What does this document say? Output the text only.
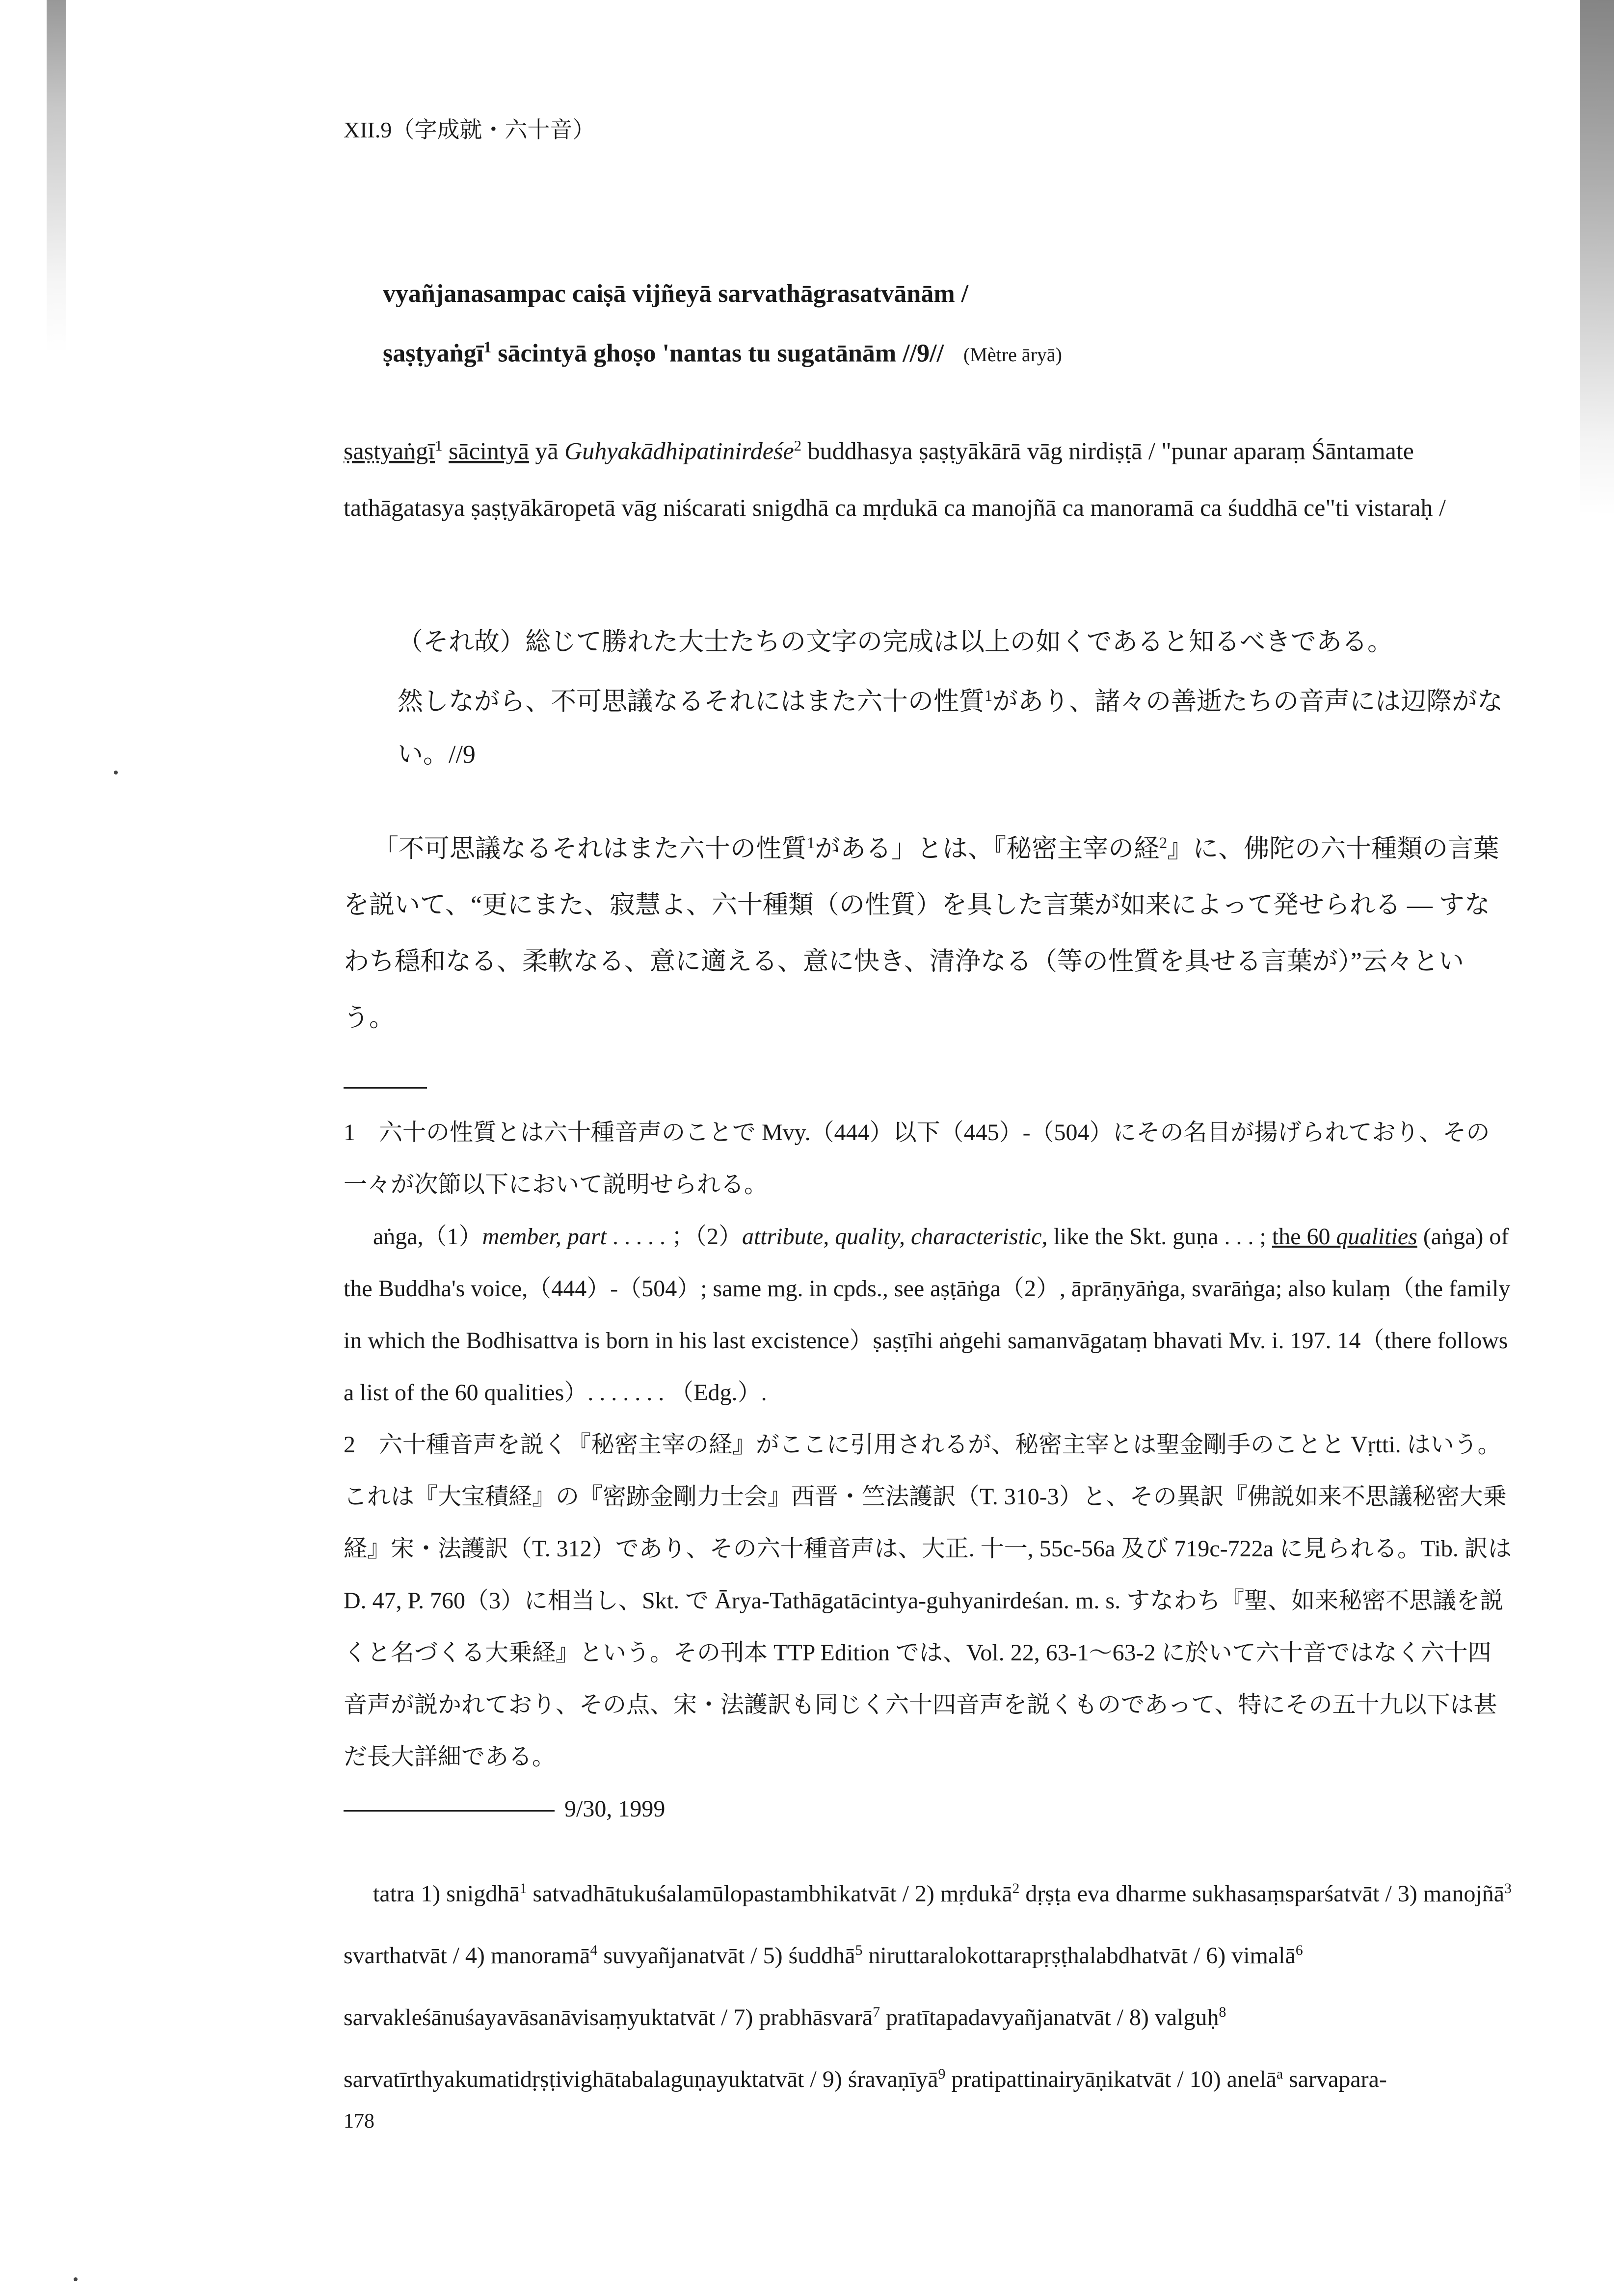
XII.9（字成就・六十音）
vyañjanasampac caiṣā vijñeyā sarvathāgrasatvānām /
ṣaṣṭyaṅgī$^1$ sācintyā ghoṣo 'nantas tu sugatānām //9// (Mètre āryā)
ṣaṣṭyaṅgī$^1$ sācintyā yā Guhyakādhipatinirdeśe$^2$ buddhasya ṣaṣṭyākārā vāg nirdiṣṭā / "punar aparaṃ Śāntamate tathāgatasya ṣaṣṭyākāropetā vāg niścarati snigdhā ca mṛdukā ca manojñā ca manoramā ca śuddhā ce"ti vistaraḥ /
（それ故）総じて勝れた大士たちの文字の完成は以上の如くであると知るべきである。
然しながら、不可思議なるそれにはまた六十の性質$^1$があり、諸々の善逝たちの音声には辺際がない。//9
「不可思議なるそれはまた六十の性質$^1$がある」とは、『秘密主宰の経$^2$』に、佛陀の六十種類の言葉を説いて、“更にまた、寂慧よ、六十種類（の性質）を具した言葉が如来によって発せられる ― すなわち穏和なる、柔軟なる、意に適える、意に快き、清浄なる（等の性質を具せる言葉が）”云々という。

1　六十の性質とは六十種音声のことで Mvy.（444）以下（445）-（504）にその名目が揚げられており、その一々が次節以下において説明せられる。

aṅga,（1）member, part . . . . . ；（2）attribute, quality, characteristic, like the Skt. guṇa . . . ; the 60 qualities (aṅga) of the Buddha's voice,（444）-（504）; same mg. in cpds., see aṣṭāṅga（2）, āprāṇyāṅga, svarāṅga; also kulaṃ（the family in which the Bodhisattva is born in his last excistence）ṣaṣṭīhi aṅgehi samanvāgataṃ bhavati Mv. i. 197. 14（there follows a list of the 60 qualities）. . . . . . . （Edg.）.

2　六十種音声を説く『秘密主宰の経』がここに引用されるが、秘密主宰とは聖金剛手のことと Vṛtti. はいう。これは『大宝積経』の『密跡金剛力士会』西晋・竺法護訳（T. 310-3）と、その異訳『佛説如来不思議秘密大乗経』宋・法護訳（T. 312）であり、その六十種音声は、大正. 十一, 55c-56a 及び 719c-722a に見られる。Tib. 訳は D. 47, P. 760（3）に相当し、Skt. で Ārya-Tathāgatācintya-guhyanirdeśan. m. s. すなわち『聖、如来秘密不思議を説くと名づくる大乗経』という。その刊本 TTP Edition では、Vol. 22, 63-1〜63-2 に於いて六十音ではなく六十四音声が説かれており、その点、宋・法護訳も同じく六十四音声を説くものであって、特にその五十九以下は甚だ長大詳細である。

9/30, 1999

tatra 1) snigdhā$^1$ satvadhātukuśalamūlopastambhikatvāt / 2) mṛdukā$^2$ dṛṣṭa eva dharme sukhasaṃsparśatvāt / 3) manojñā$^3$ svarthatvāt / 4) manoramā$^4$ suvyañjanatvāt / 5) śuddhā$^5$ niruttaralokottarapṛṣṭhalabdhatvāt / 6) vimalā$^6$ sarvakleśānuśayavāsanāvisaṃyuktatvāt / 7) prabhāsvarā$^7$ pratītapadavyañjanatvāt / 8) valguḥ$^8$ sarvatīrthyakumatidṛṣṭivighātabalaguṇayuktatvāt / 9) śravaṇīyā$^9$ pratipattinairyāṇikatvāt / 10) anelā$^a$ sarvapara-
178
